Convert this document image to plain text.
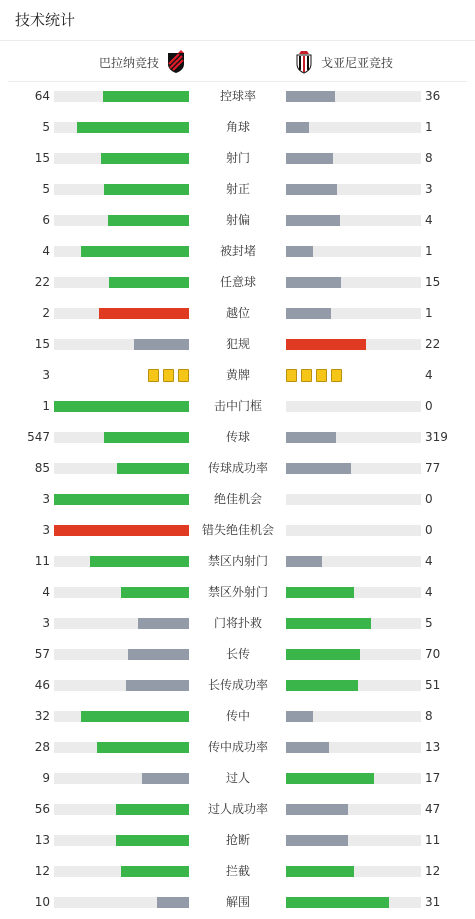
技术统计
巴拉纳竞技	戈亚尼亚竞技
64	控球率	36
5	角球	1
15	射门	8
5	射正	3
6	射偏	4
4	被封堵	1
22	任意球	15
2	越位	1
15	犯规	22
3	黄牌	4
1	击中门框	0
547	传球	319
85	传球成功率	77
3	绝佳机会	0
3	错失绝佳机会	0
11	禁区内射门	4
4	禁区外射门	4
3	门将扑救	5
57	长传	70
46	长传成功率	51
32	传中	8
28	传中成功率	13
9	过人	17
56	过人成功率	47
13	抢断	11
12	拦截	12
10	解围	31
